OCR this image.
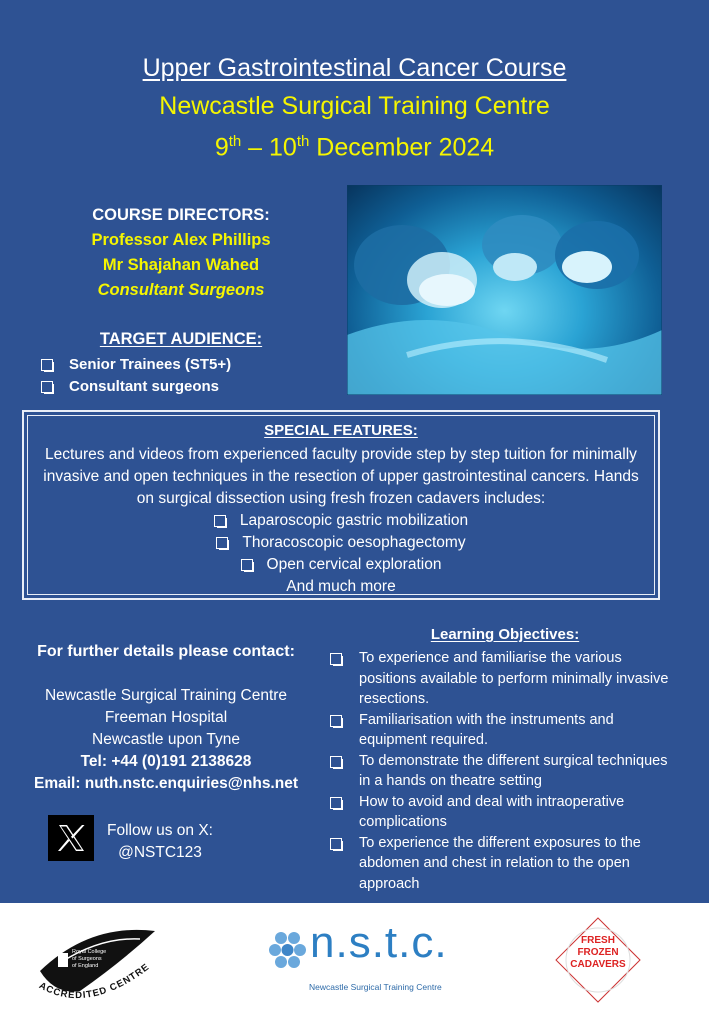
Upper Gastrointestinal Cancer Course
Newcastle Surgical Training Centre
9th – 10th December 2024
COURSE DIRECTORS:
Professor Alex Phillips
Mr Shajahan Wahed
Consultant Surgeons
TARGET AUDIENCE:
Senior Trainees (ST5+)
Consultant surgeons
SPECIAL FEATURES:
Lectures and videos from experienced faculty provide step by step tuition for minimally invasive and open techniques in the resection of upper gastrointestinal cancers. Hands on surgical dissection using fresh frozen cadavers includes:
Laparoscopic gastric mobilization
Thoracoscopic oesophagectomy
Open cervical exploration
And much more
For further details please contact:
Newcastle Surgical Training Centre
Freeman Hospital
Newcastle upon Tyne
Tel: +44 (0)191 2138628
Email: nuth.nstc.enquiries@nhs.net
Follow us on X:
@NSTC123
Learning Objectives:
To experience and familiarise the various positions available to perform minimally invasive resections.
Familiarisation with the instruments and equipment required.
To demonstrate the different surgical techniques in a hands on theatre setting
How to avoid and deal with intraoperative complications
To experience the different exposures to the abdomen and chest in relation to the open approach
Royal College
of Surgeons
of England
ACCREDITED CENTRE
n.s.t.c.
Newcastle Surgical Training Centre
FRESH
FROZEN
CADAVERS
